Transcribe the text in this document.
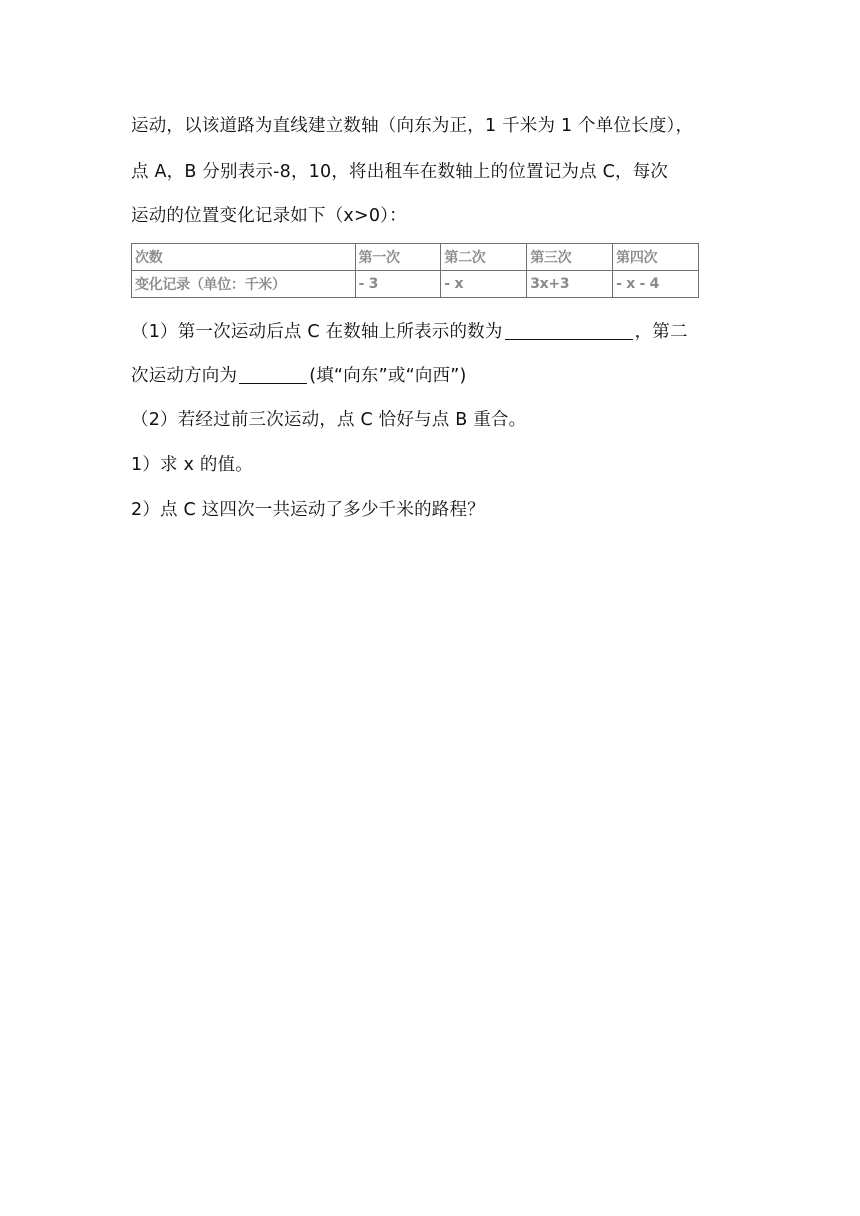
运动，以该道路为直线建立数轴（向东为正，1 千米为 1 个单位长度），
点 A，B 分别表示-8，10，将出租车在数轴上的位置记为点 C，每次
运动的位置变化记录如下（x>0）：
次数	第一次	第二次	第三次	第四次
变化记录（单位：千米）	- 3	- x	3x+3	- x - 4
（1）第一次运动后点 C 在数轴上所表示的数为	，第二
次运动方向为	(填“向东”或“向西”)
（2）若经过前三次运动，点 C 恰好与点 B 重合。
1）求 x 的值。
2）点 C 这四次一共运动了多少千米的路程？
